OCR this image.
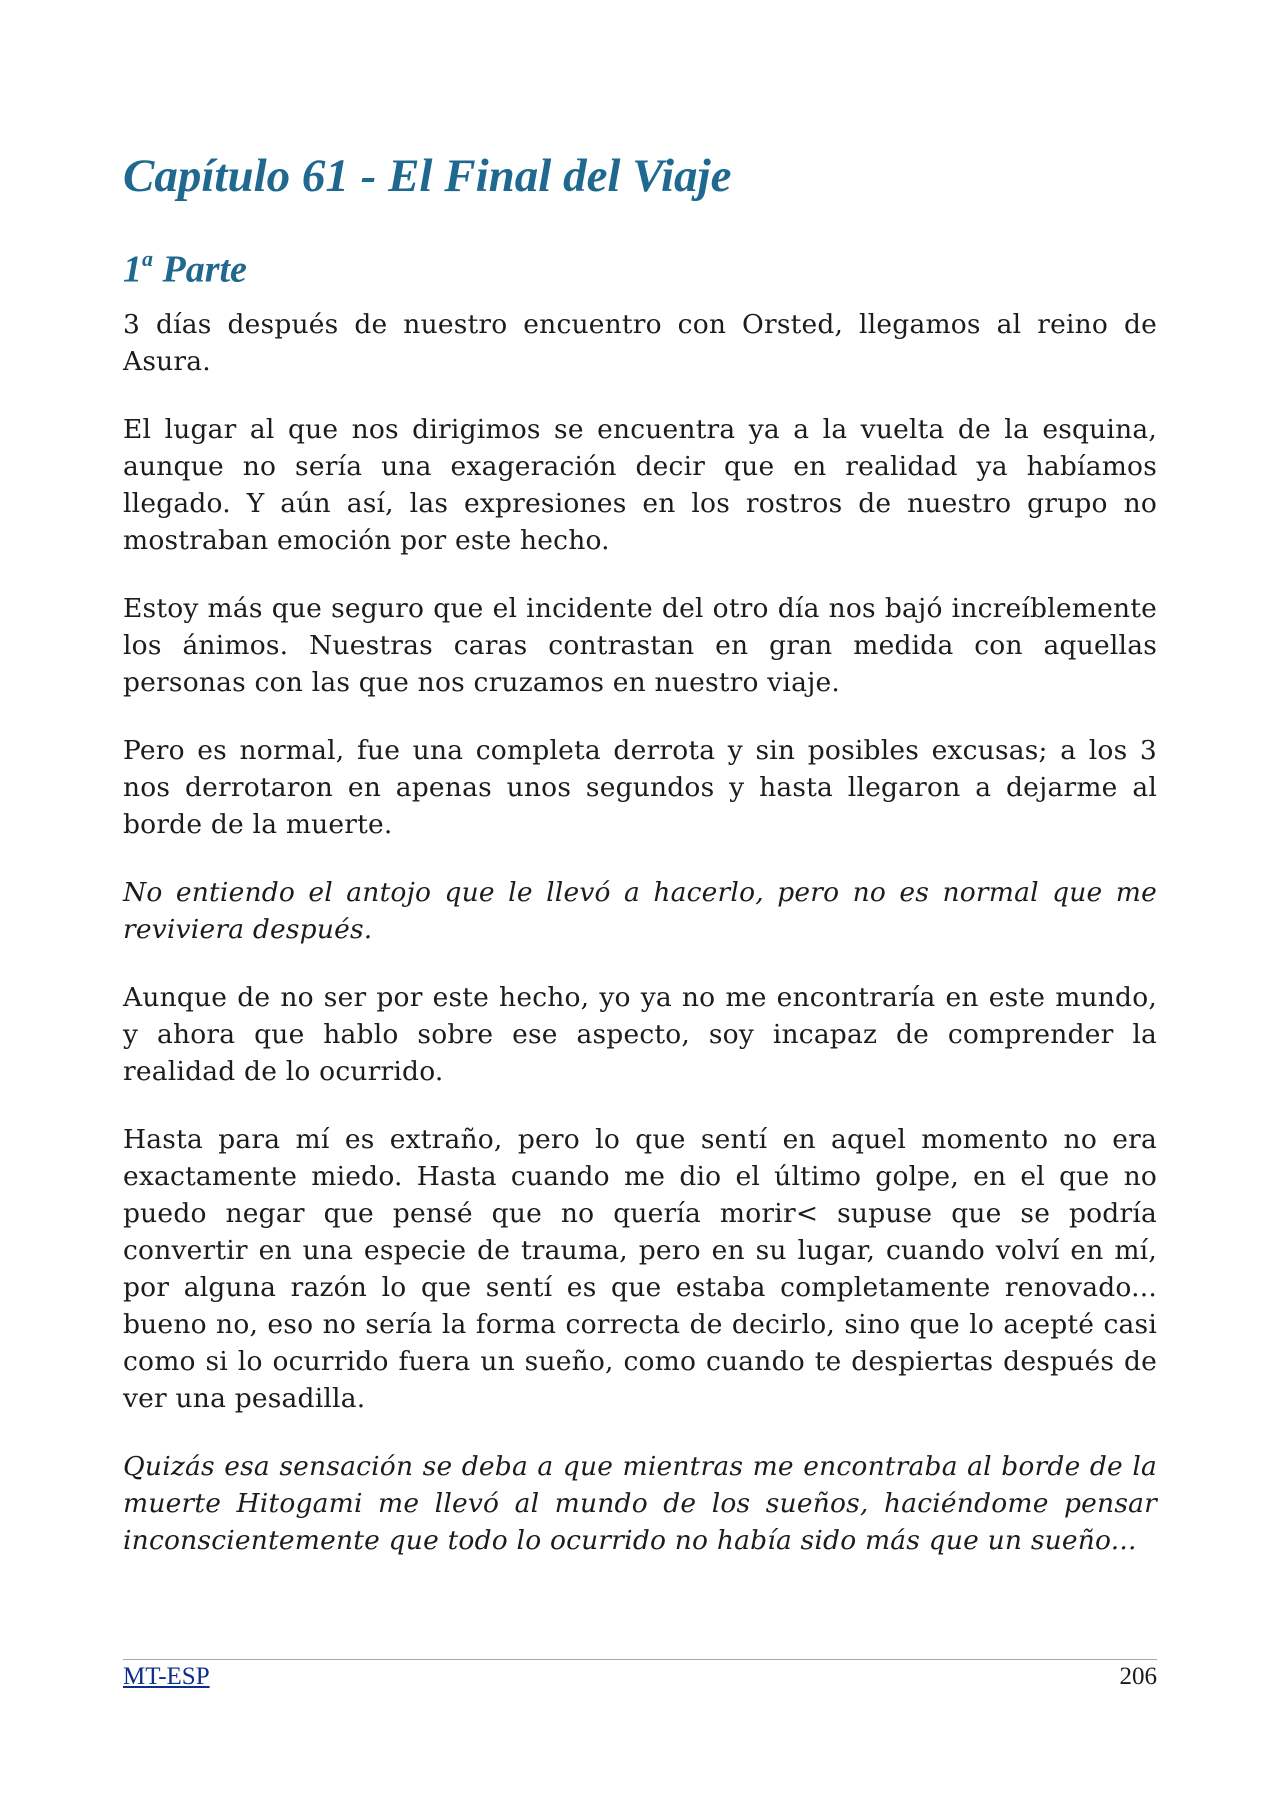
Capítulo 61 - El Final del Viaje
1$^a$ Parte

3 días después de nuestro encuentro con Orsted, llegamos al reino de Asura.

El lugar al que nos dirigimos se encuentra ya a la vuelta de la esquina, aunque no sería una exageración decir que en realidad ya habíamos llegado. Y aún así, las expresiones en los rostros de nuestro grupo no mostraban emoción por este hecho.

Estoy más que seguro que el incidente del otro día nos bajó increíblemente los ánimos. Nuestras caras contrastan en gran medida con aquellas personas con las que nos cruzamos en nuestro viaje.

Pero es normal, fue una completa derrota y sin posibles excusas; a los 3 nos derrotaron en apenas unos segundos y hasta llegaron a dejarme al borde de la muerte.

No entiendo el antojo que le llevó a hacerlo, pero no es normal que me reviviera después.

Aunque de no ser por este hecho, yo ya no me encontraría en este mundo, y ahora que hablo sobre ese aspecto, soy incapaz de comprender la realidad de lo ocurrido.

Hasta para mí es extraño, pero lo que sentí en aquel momento no era exactamente miedo. Hasta cuando me dio el último golpe, en el que no puedo negar que pensé que no quería morir< supuse que se podría convertir en una especie de trauma, pero en su lugar, cuando volví en mí, por alguna razón lo que sentí es que estaba completamente renovado... bueno no, eso no sería la forma correcta de decirlo, sino que lo acepté casi como si lo ocurrido fuera un sueño, como cuando te despiertas después de ver una pesadilla.

Quizás esa sensación se deba a que mientras me encontraba al borde de la muerte Hitogami me llevó al mundo de los sueños, haciéndome pensar inconscientemente que todo lo ocurrido no había sido más que un sueño...

MT-ESP	206
